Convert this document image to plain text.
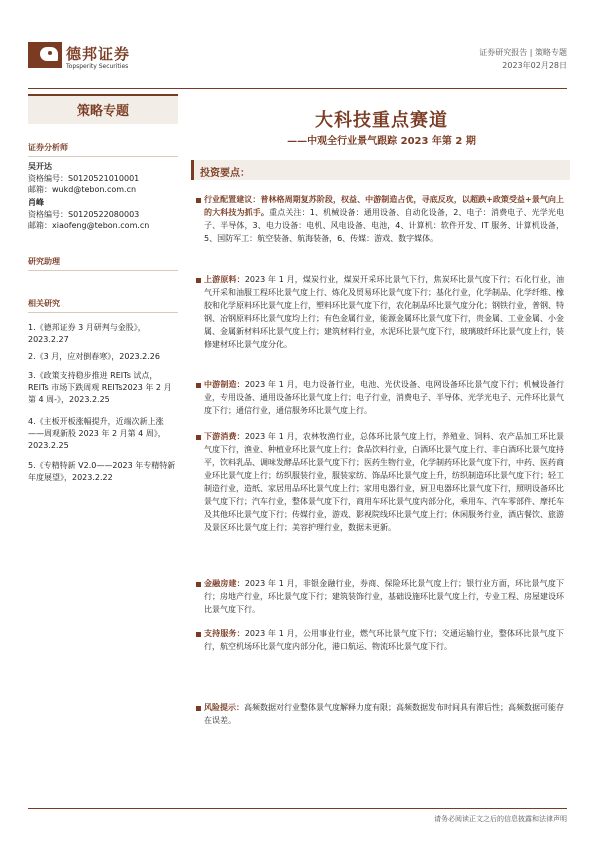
德邦证券
Topsperity Securities
证券研究报告 | 策略专题
2023年02月28日
策略专题
证券分析师
吴开达
资格编号：S0120521010001
邮箱：wukd@tebon.com.cn
肖峰
资格编号：S0120522080003
邮箱：xiaofeng@tebon.com.cn
研究助理
相关研究
1.《德邦证券 3 月研判与金股》，2023.2.27
2.《3 月，应对倒春寒》，2023.2.26
3.《政策支持稳步推进 REITs 试点，REITs 市场下跌周观 REITs2023 年 2 月第 4 周-》，2023.2.25
4.《主板开板涨幅提升，近端次新上涨——周观新股 2023 年 2 月第 4 周》，2023.2.25
5.《专精特新 V2.0——2023 年专精特新年度展望》，2023.2.22
大科技重点赛道
——中观全行业景气跟踪 2023 年第 2 期
投资要点：
行业配置建议：普林格周期复苏阶段，权益、中游制造占优，寻底反攻，以超跌+政策受益+景气向上的大科技为抓手。重点关注：1、机械设备：通用设备、自动化设备，2、电子：消费电子、光学光电子、半导体，3、电力设备：电机、风电设备、电池，4、计算机：软件开发、IT 服务、计算机设备，5、国防军工：航空装备、航海装备，6、传媒：游戏、数字媒体。
上游原料：2023 年 1 月，煤炭行业，煤炭开采环比景气下行，焦炭环比景气度下行；石化行业，油气开采和油服工程环比景气度上行、炼化及贸易环比景气度下行；基化行业，化学制品、化学纤维、橡胶和化学原料环比景气度上行，塑料环比景气度下行，农化制品环比景气度分化；钢铁行业，普钢、特钢、冶钢原料环比景气度均上行；有色金属行业，能源金属环比景气度下行，贵金属、工业金属、小金属、金属新材料环比景气度上行；建筑材料行业，水泥环比景气度下行，玻璃玻纤环比景气度上行，装修建材环比景气度分化。
中游制造：2023 年 1 月，电力设备行业，电池、光伏设备、电网设备环比景气度下行；机械设备行业，专用设备、通用设备环比景气度上行；电子行业，消费电子、半导体、光学光电子、元件环比景气度下行；通信行业，通信服务环比景气度上行。
下游消费：2023 年 1 月，农林牧渔行业，总体环比景气度上行，养殖业、饲料、农产品加工环比景气度下行，渔业、种植业环比景气度上行；食品饮料行业，白酒环比景气度上行、非白酒环比景气度持平，饮料乳品、调味发酵品环比景气度下行；医药生物行业，化学制药环比景气度下行，中药、医药商业环比景气度上行；纺织服装行业，服装家纺、饰品环比景气度上升，纺织制造环比景气度下行；轻工制造行业，造纸、家居用品环比景气度上行；家用电器行业，厨卫电器环比景气度下行，照明设备环比景气度下行；汽车行业，整体景气度下行，商用车环比景气度内部分化，乘用车、汽车零部件、摩托车及其他环比景气度下行；传媒行业，游戏、影视院线环比景气度上行；休闲服务行业，酒店餐饮、旅游及景区环比景气度上行；美容护理行业，数据未更新。
金融房建：2023 年 1 月，非银金融行业，券商、保险环比景气度上行；银行业方面，环比景气度下行；房地产行业，环比景气度下行；建筑装饰行业，基础设施环比景气度上行，专业工程、房屋建设环比景气度下行。
支持服务：2023 年 1 月，公用事业行业，燃气环比景气度下行；交通运输行业，整体环比景气度下行，航空机场环比景气度内部分化，港口航运、物流环比景气度下行。
风险提示：高频数据对行业整体景气度解释力度有限；高频数据发布时间具有滞后性；高频数据可能存在误差。
请务必阅读正文之后的信息披露和法律声明
